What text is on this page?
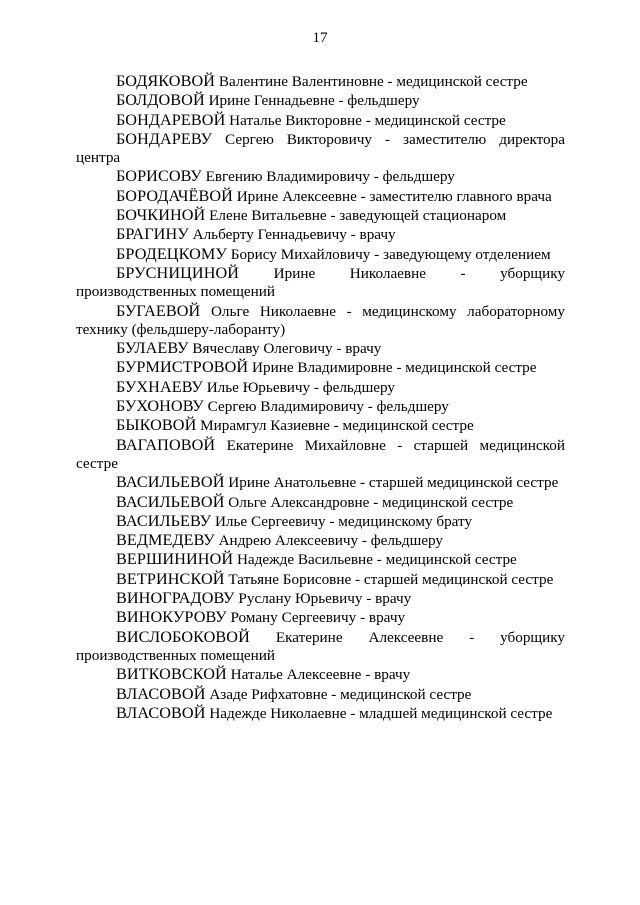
17

БОДЯКОВОЙ Валентине Валентиновне - медицинской сестре

БОЛДОВОЙ Ирине Геннадьевне - фельдшеру

БОНДАРЕВОЙ Наталье Викторовне - медицинской сестре

БОНДАРЕВУ Сергею Викторовичу - заместителю директора центра

БОРИСОВУ Евгению Владимировичу - фельдшеру

БОРОДАЧЁВОЙ Ирине Алексеевне - заместителю главного врача

БОЧКИНОЙ Елене Витальевне - заведующей стационаром

БРАГИНУ Альберту Геннадьевичу - врачу

БРОДЕЦКОМУ Борису Михайловичу - заведующему отделением

БРУСНИЦИНОЙ Ирине Николаевне - уборщику производственных помещений

БУГАЕВОЙ Ольге Николаевне - медицинскому лабораторному технику (фельдшеру-лаборанту)

БУЛАЕВУ Вячеславу Олеговичу - врачу

БУРМИСТРОВОЙ Ирине Владимировне - медицинской сестре

БУХНАЕВУ Илье Юрьевичу - фельдшеру

БУХОНОВУ Сергею Владимировичу - фельдшеру

БЫКОВОЙ Мирамгул Казиевне - медицинской сестре

ВАГАПОВОЙ Екатерине Михайловне - старшей медицинской сестре

ВАСИЛЬЕВОЙ Ирине Анатольевне - старшей медицинской сестре

ВАСИЛЬЕВОЙ Ольге Александровне - медицинской сестре

ВАСИЛЬЕВУ Илье Сергеевичу - медицинскому брату

ВЕДМЕДЕВУ Андрею Алексеевичу - фельдшеру

ВЕРШИНИНОЙ Надежде Васильевне - медицинской сестре

ВЕТРИНСКОЙ Татьяне Борисовне - старшей медицинской сестре

ВИНОГРАДОВУ Руслану Юрьевичу - врачу

ВИНОКУРОВУ Роману Сергеевичу - врачу

ВИСЛОБОКОВОЙ Екатерине Алексеевне - уборщику производственных помещений

ВИТКОВСКОЙ Наталье Алексеевне - врачу

ВЛАСОВОЙ Азаде Рифхатовне - медицинской сестре

ВЛАСОВОЙ Надежде Николаевне - младшей медицинской сестре
